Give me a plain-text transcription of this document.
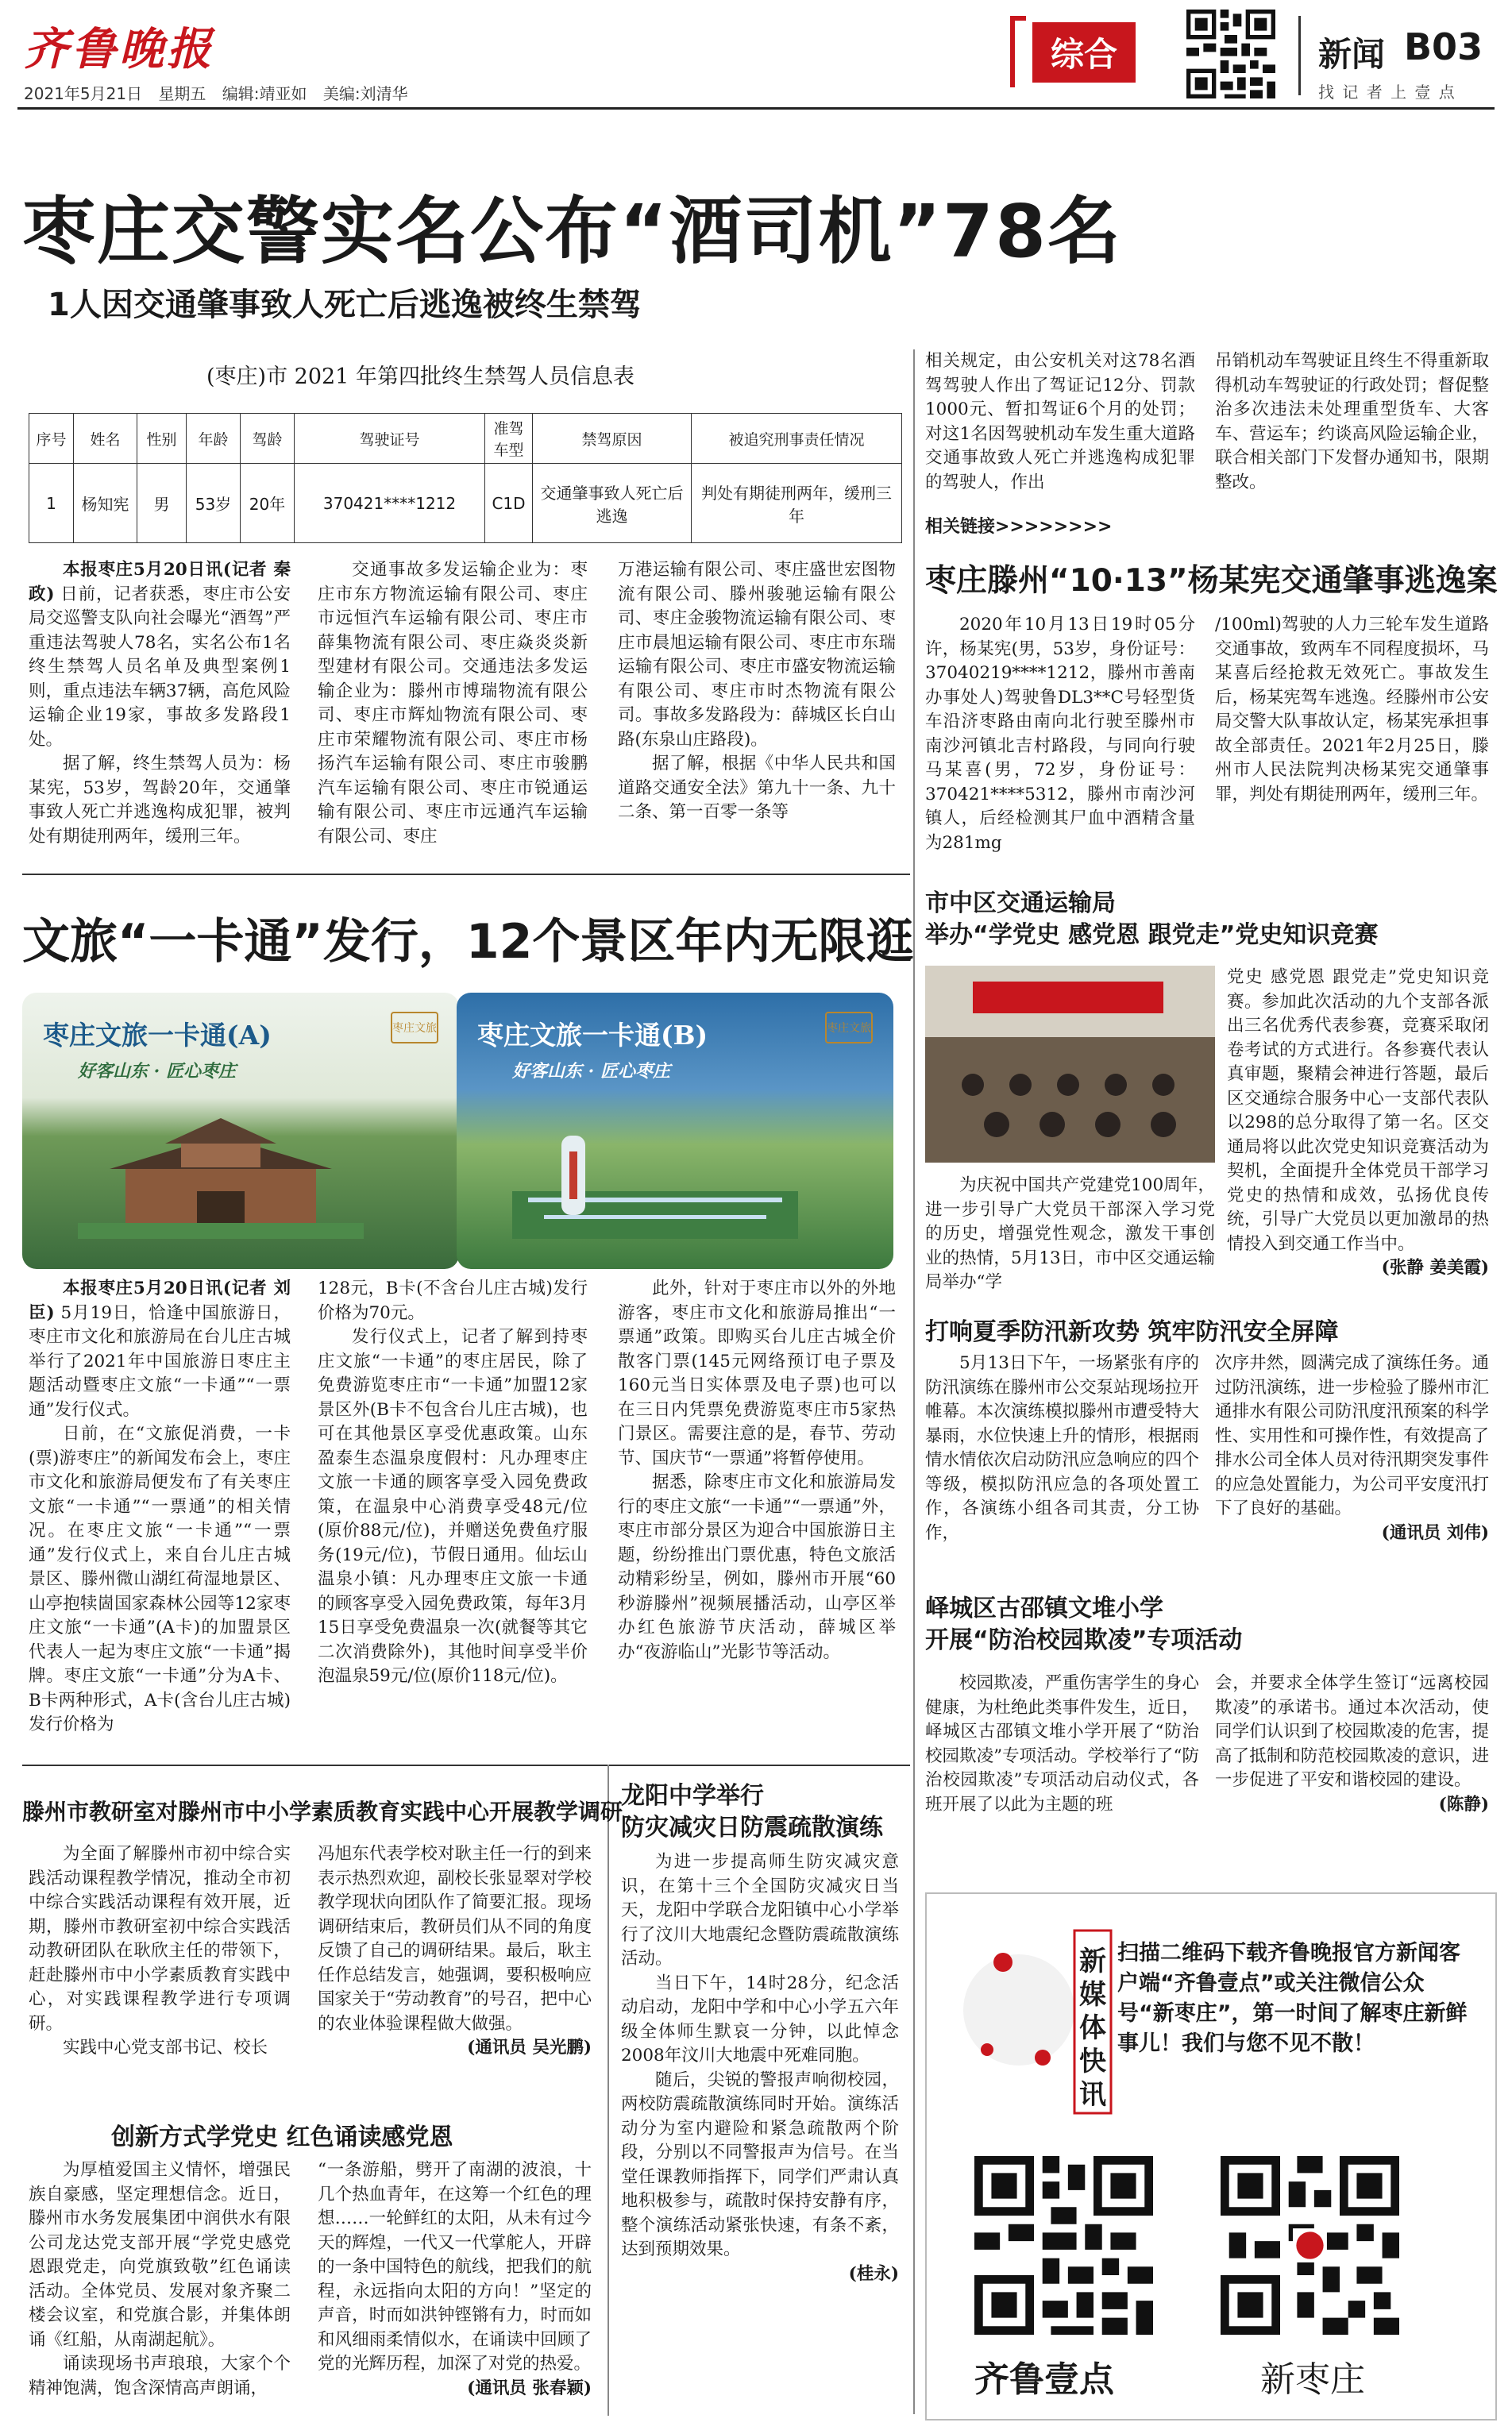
齐鲁晚报
2021年5月21日 星期五 编辑:靖亚如 美编:刘清华
综合	新闻 B03
找 记 者 上 壹 点
枣庄交警实名公布“酒司机”78名
1人因交通肇事致人死亡后逃逸被终生禁驾
(枣庄)市 2021 年第四批终生禁驾人员信息表
序号	姓名	性别	年龄	驾龄	驾驶证号	准驾车型	禁驾原因	被追究刑事责任情况
1	杨知宪	男	53岁	20年	370421****1212	C1D	交通肇事致人死亡后逃逸	判处有期徒刑两年，缓刑三年

本报枣庄5月20日讯(记者 秦政) 日前，记者获悉，枣庄市公安局交巡警支队向社会曝光“酒驾”严重违法驾驶人78名，实名公布1名终生禁驾人员名单及典型案例1则，重点违法车辆37辆，高危风险运输企业19家，事故多发路段1处。

据了解，终生禁驾人员为：杨某宪，53岁，驾龄20年，交通肇事致人死亡并逃逸构成犯罪，被判处有期徒刑两年，缓刑三年。

交通事故多发运输企业为：枣庄市东方物流运输有限公司、枣庄市远恒汽车运输有限公司、枣庄市薛集物流有限公司、枣庄焱炎炎新型建材有限公司。交通违法多发运输企业为：滕州市博瑞物流有限公司、枣庄市辉灿物流有限公司、枣庄市荣耀物流有限公司、枣庄市杨扬汽车运输有限公司、枣庄市骏鹏汽车运输有限公司、枣庄市锐通运输有限公司、枣庄市远通汽车运输有限公司、枣庄

万港运输有限公司、枣庄盛世宏图物流有限公司、滕州骏驰运输有限公司、枣庄金骏物流运输有限公司、枣庄市晨旭运输有限公司、枣庄市东瑞运输有限公司、枣庄市盛安物流运输有限公司、枣庄市时杰物流有限公司。事故多发路段为：薛城区长白山路(东泉山庄路段)。

据了解，根据《中华人民共和国道路交通安全法》第九十一条、九十二条、第一百零一条等

相关规定，由公安机关对这78名酒驾驾驶人作出了驾证记12分、罚款1000元、暂扣驾证6个月的处罚；对这1名因驾驶机动车发生重大道路交通事故致人死亡并逃逸构成犯罪的驾驶人，作出

吊销机动车驾驶证且终生不得重新取得机动车驾驶证的行政处罚；督促整治多次违法未处理重型货车、大客车、营运车；约谈高风险运输企业，联合相关部门下发督办通知书，限期整改。

相关链接>>>>>>>>
枣庄滕州“10·13”杨某宪交通肇事逃逸案

2020年10月13日19时05分许，杨某宪(男，53岁，身份证号：37040219****1212，滕州市善南办事处人)驾驶鲁DL3**C号轻型货车沿济枣路由南向北行驶至滕州市南沙河镇北吉村路段，与同向行驶马某喜(男，72岁，身份证号：370421****5312，滕州市南沙河镇人，后经检测其尸血中酒精含量为281mg

/100ml)驾驶的人力三轮车发生道路交通事故，致两车不同程度损坏，马某喜后经抢救无效死亡。事故发生后，杨某宪驾车逃逸。经滕州市公安局交警大队事故认定，杨某宪承担事故全部责任。2021年2月25日，滕州市人民法院判决杨某宪交通肇事罪，判处有期徒刑两年，缓刑三年。

文旅“一卡通”发行，12个景区年内无限逛
枣庄文旅一卡通(A)
好客山东 · 匠心枣庄
枣庄文旅 枣庄文旅一卡通(B)
好客山东 · 匠心枣庄
枣庄文旅

本报枣庄5月20日讯(记者 刘臣) 5月19日，恰逢中国旅游日，枣庄市文化和旅游局在台儿庄古城举行了2021年中国旅游日枣庄主题活动暨枣庄文旅“一卡通”“一票通”发行仪式。

日前，在“文旅促消费，一卡(票)游枣庄”的新闻发布会上，枣庄市文化和旅游局便发布了有关枣庄文旅“一卡通”“一票通”的相关情况。在枣庄文旅“一卡通”“一票通”发行仪式上，来自台儿庄古城景区、滕州微山湖红荷湿地景区、山亭抱犊崮国家森林公园等12家枣庄文旅“一卡通”(A卡)的加盟景区代表人一起为枣庄文旅“一卡通”揭牌。枣庄文旅“一卡通”分为A卡、B卡两种形式，A卡(含台儿庄古城)发行价格为

128元，B卡(不含台儿庄古城)发行价格为70元。

发行仪式上，记者了解到持枣庄文旅“一卡通”的枣庄居民，除了免费游览枣庄市“一卡通”加盟12家景区外(B卡不包含台儿庄古城)，也可在其他景区享受优惠政策。山东盈泰生态温泉度假村：凡办理枣庄文旅一卡通的顾客享受入园免费政策，在温泉中心消费享受48元/位(原价88元/位)，并赠送免费鱼疗服务(19元/位)，节假日通用。仙坛山温泉小镇：凡办理枣庄文旅一卡通的顾客享受入园免费政策，每年3月15日享受免费温泉一次(就餐等其它二次消费除外)，其他时间享受半价泡温泉59元/位(原价118元/位)。

此外，针对于枣庄市以外的外地游客，枣庄市文化和旅游局推出“一票通”政策。即购买台儿庄古城全价散客门票(145元网络预订电子票及160元当日实体票及电子票)也可以在三日内凭票免费游览枣庄市5家热门景区。需要注意的是，春节、劳动节、国庆节“一票通”将暂停使用。

据悉，除枣庄市文化和旅游局发行的枣庄文旅“一卡通”“一票通”外，枣庄市部分景区为迎合中国旅游日主题，纷纷推出门票优惠，特色文旅活动精彩纷呈，例如，滕州市开展“60秒游滕州”视频展播活动，山亭区举办红色旅游节庆活动，薛城区举办“夜游临山”光影节等活动。

市中区交通运输局
举办“学党史 感党恩 跟党走”党史知识竞赛

党史 感党恩 跟党走”党史知识竞赛。参加此次活动的九个支部各派出三名优秀代表参赛，竞赛采取闭卷考试的方式进行。各参赛代表认真审题，聚精会神进行答题，最后区交通综合服务中心一支部代表队以298的总分取得了第一名。区交通局将以此次党史知识竞赛活动为契机，全面提升全体党员干部学习党史的热情和成效，弘扬优良传统，引导广大党员以更加激昂的热情投入到交通工作当中。

(张静 姜美霞)

为庆祝中国共产党建党100周年，进一步引导广大党员干部深入学习党的历史，增强党性观念，激发干事创业的热情，5月13日，市中区交通运输局举办“学

打响夏季防汛新攻势 筑牢防汛安全屏障

5月13日下午，一场紧张有序的防汛演练在滕州市公交泵站现场拉开帷幕。本次演练模拟滕州市遭受特大暴雨，水位快速上升的情形，根据雨情水情依次启动防汛应急响应的四个等级，模拟防汛应急的各项处置工作，各演练小组各司其责，分工协作，

次序井然，圆满完成了演练任务。通过防汛演练，进一步检验了滕州市汇通排水有限公司防汛度汛预案的科学性、实用性和可操作性，有效提高了排水公司全体人员对待汛期突发事件的应急处置能力，为公司平安度汛打下了良好的基础。

(通讯员 刘伟)

峄城区古邵镇文堆小学
开展“防治校园欺凌”专项活动

校园欺凌，严重伤害学生的身心健康，为杜绝此类事件发生，近日，峄城区古邵镇文堆小学开展了“防治校园欺凌”专项活动。学校举行了“防治校园欺凌”专项活动启动仪式，各班开展了以此为主题的班

会，并要求全体学生签订“远离校园欺凌”的承诺书。通过本次活动，使同学们认识到了校园欺凌的危害，提高了抵制和防范校园欺凌的意识，进一步促进了平安和谐校园的建设。

(陈静)

滕州市教研室对滕州市中小学素质教育实践中心开展教学调研

为全面了解滕州市初中综合实践活动课程教学情况，推动全市初中综合实践活动课程有效开展，近期，滕州市教研室初中综合实践活动教研团队在耿欣主任的带领下，赶赴滕州市中小学素质教育实践中心，对实践课程教学进行专项调研。

实践中心党支部书记、校长

冯旭东代表学校对耿主任一行的到来表示热烈欢迎，副校长张显翠对学校教学现状向团队作了简要汇报。现场调研结束后，教研员们从不同的角度反馈了自己的调研结果。最后，耿主任作总结发言，她强调，要积极响应国家关于“劳动教育”的号召，把中心的农业体验课程做大做强。

(通讯员 吴光鹏)

创新方式学党史 红色诵读感党恩

为厚植爱国主义情怀，增强民族自豪感，坚定理想信念。近日，滕州市水务发展集团中润供水有限公司龙达党支部开展“学党史感党恩跟党走，向党旗致敬”红色诵读活动。全体党员、发展对象齐聚二楼会议室，和党旗合影，并集体朗诵《红船，从南湖起航》。

诵读现场书声琅琅，大家个个精神饱满，饱含深情高声朗诵，

“一条游船，劈开了南湖的波浪，十几个热血青年，在这筹一个红色的理想……一轮鲜红的太阳，从未有过今天的辉煌，一代又一代掌舵人，开辟的一条中国特色的航线，把我们的航程，永远指向太阳的方向！”坚定的声音，时而如洪钟铿锵有力，时而如和风细雨柔情似水，在诵读中回顾了党的光辉历程，加深了对党的热爱。

(通讯员 张春颖)

龙阳中学举行
防灾减灾日防震疏散演练

为进一步提高师生防灾减灾意识，在第十三个全国防灾减灾日当天，龙阳中学联合龙阳镇中心小学举行了汶川大地震纪念暨防震疏散演练活动。

当日下午，14时28分，纪念活动启动，龙阳中学和中心小学五六年级全体师生默哀一分钟，以此悼念2008年汶川大地震中死难同胞。

随后，尖锐的警报声响彻校园，两校防震疏散演练同时开始。演练活动分为室内避险和紧急疏散两个阶段，分别以不同警报声为信号。在当堂任课教师指挥下，同学们严肃认真地积极参与，疏散时保持安静有序，整个演练活动紧张快速，有条不紊，达到预期效果。

(桂永)

新
媒
体
快
讯
扫描二维码下载齐鲁晚报官方新闻客户端“齐鲁壹点”或关注微信公众号“新枣庄”，第一时间了解枣庄新鲜事儿！我们与您不见不散！
齐鲁壹点	新枣庄
